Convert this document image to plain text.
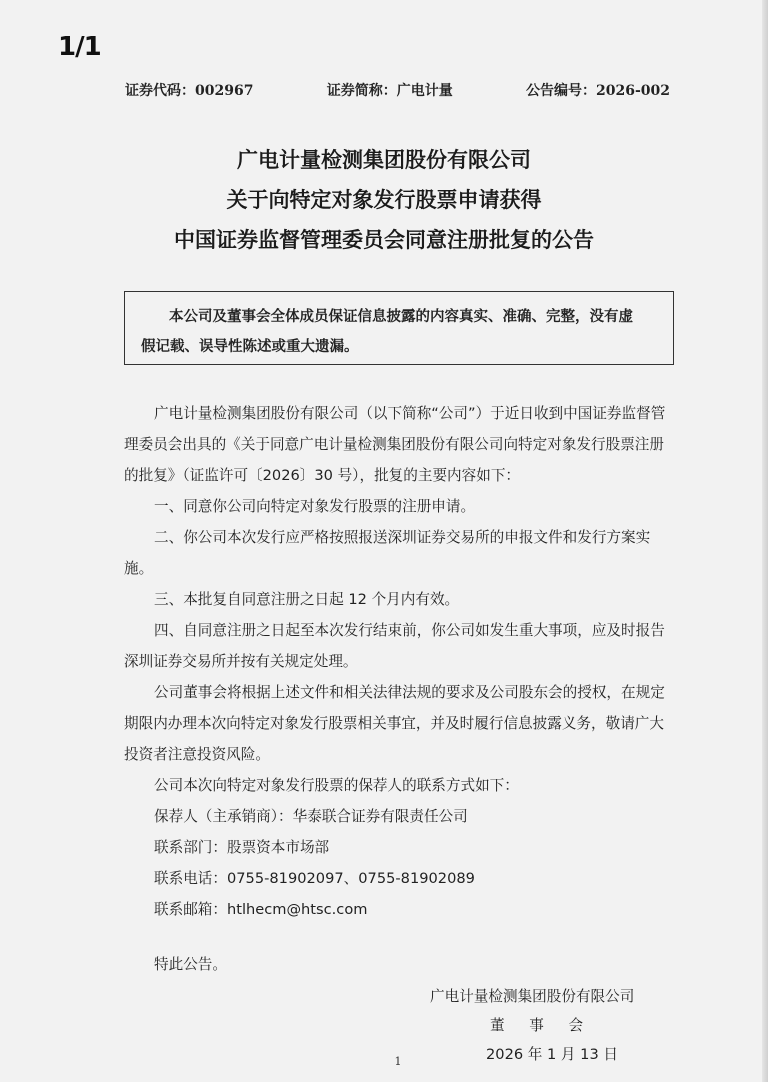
1/1
证券代码：002967	证券简称：广电计量	公告编号：2026-002
广电计量检测集团股份有限公司
关于向特定对象发行股票申请获得
中国证券监督管理委员会同意注册批复的公告
本公司及董事会全体成员保证信息披露的内容真实、准确、完整，没有虚
假记载、误导性陈述或重大遗漏。

广电计量检测集团股份有限公司（以下简称“公司”）于近日收到中国证券监督管理委员会出具的《关于同意广电计量检测集团股份有限公司向特定对象发行股票注册的批复》（证监许可〔2026〕30 号），批复的主要内容如下：

一、同意你公司向特定对象发行股票的注册申请。

二、你公司本次发行应严格按照报送深圳证券交易所的申报文件和发行方案实施。

三、本批复自同意注册之日起 12 个月内有效。

四、自同意注册之日起至本次发行结束前，你公司如发生重大事项，应及时报告深圳证券交易所并按有关规定处理。

公司董事会将根据上述文件和相关法律法规的要求及公司股东会的授权，在规定期限内办理本次向特定对象发行股票相关事宜，并及时履行信息披露义务，敬请广大投资者注意投资风险。

公司本次向特定对象发行股票的保荐人的联系方式如下：

保荐人（主承销商）：华泰联合证券有限责任公司

联系部门：股票资本市场部

联系电话：0755-81902097、0755-81902089

联系邮箱：htlhecm@htsc.com

特此公告。

广电计量检测集团股份有限公司
董 事 会
2026 年 1 月 13 日
1
